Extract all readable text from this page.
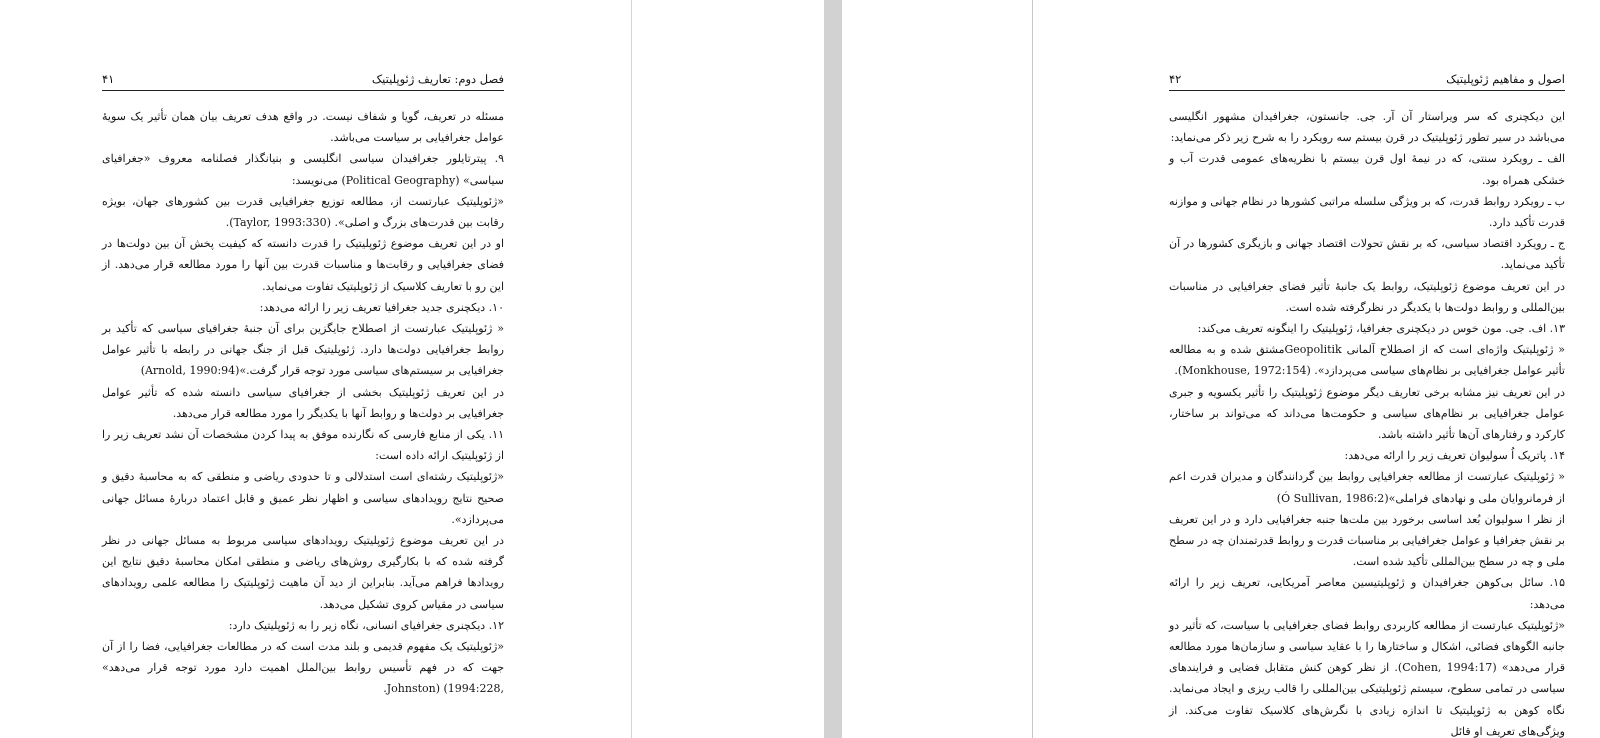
فصل دوم: تعاریف ژئوپلیتیک
۴۱

مسئله در تعریف، گویا و شفاف نیست. در واقع هدف تعریف بیان همان تأثیر یک سویهٔ عوامل جغرافیایی بر سیاست می‌باشد.

۹. پیترتایلور جغرافیدان سیاسی انگلیسی و بنیانگذار فصلنامه معروف «جغرافیای سیاسی» (Political Geography) می‌نویسد:

«ژئوپلیتیک عبارتست از، مطالعه توزیع جغرافیایی قدرت بین کشورهای جهان، بویژه رقابت بین قدرت‌های بزرگ و اصلی». (Taylor, 1993:330).

او در این تعریف موضوع ژئوپلیتیک را قدرت دانسته که کیفیت پخش آن بین دولت‌ها در فضای جغرافیایی و رقابت‌ها و مناسبات قدرت بین آنها را مورد مطالعه قرار می‌دهد. از این رو با تعاریف کلاسیک از ژئوپلیتیک تفاوت می‌نماید.

۱۰. دیکچنری جدید جغرافیا تعریف زیر را ارائه می‌دهد:

« ژئوپلیتیک عبارتست از اصطلاح جایگزین برای آن جنبهٔ جغرافیای سیاسی که تأکید بر روابط جغرافیایی دولت‌ها دارد. ژئوپلیتیک قبل از جنگ جهانی در رابطه با تأثیر عوامل جغرافیایی بر سیستم‌های سیاسی مورد توجه قرار گرفت.»(Arnold, 1990:94)

در این تعریف ژئوپلیتیک بخشی از جغرافیای سیاسی دانسته شده که تأثیر عوامل جغرافیایی بر دولت‌ها و روابط آنها با یکدیگر را مورد مطالعه قرار می‌دهد.

۱۱. یکی از منابع فارسی که نگارنده موفق به پیدا کردن مشخصات آن نشد تعریف زیر را از ژئوپلیتیک ارائه داده است:

«ژئوپلیتیک رشته‌ای است استدلالی و تا حدودی ریاضی و منطقی که به محاسبهٔ دقیق و صحیح نتایج رویدادهای سیاسی و اظهار نظر عمیق و قابل اعتماد دربارهٔ مسائل جهانی می‌پردازد».

در این تعریف موضوع ژئوپلیتیک رویدادهای سیاسی مربوط به مسائل جهانی در نظر گرفته شده که با بکارگیری روش‌های ریاضی و منطقی امکان محاسبهٔ دقیق نتایج این رویدادها فراهم می‌آید. بنابراین از دید آن ماهیت ژئوپلیتیک را مطالعه علمی رویدادهای سیاسی در مقیاس کروی تشکیل می‌دهد.

۱۲. دیکچنری جغرافیای انسانی، نگاه زیر را به ژئوپلیتیک دارد:

«ژئوپلیتیک یک مفهوم قدیمی و بلند مدت است که در مطالعات جغرافیایی، فضا را از آن جهت که در فهم تأسیس روابط بین‌الملل اهمیت دارد مورد توجه قرار می‌دهد» ,Johnston) (1994:228.

اصول و مفاهیم ژئوپلیتیک
۴۲

این دیکچنری که سر ویراستار آن آر. جی. جانستون، جغرافیدان مشهور انگلیسی می‌باشد در سیر تطور ژئوپلیتیک در قرن بیستم سه رویکرد را به شرح زیر ذکر می‌نماید:

الف ـ رویکرد سنتی، که در نیمهٔ اول قرن بیستم با نظریه‌های عمومی قدرت آب و خشکی همراه بود.

ب ـ رویکرد روابط قدرت، که بر ویژگی سلسله مراتبی کشورها در نظام جهانی و موازنه قدرت تأکید دارد.

ج ـ رویکرد اقتصاد سیاسی، که بر نقش تحولات اقتصاد جهانی و بازیگری کشورها در آن تأکید می‌نماید.

در این تعریف موضوع ژئوپلیتیک، روابط یک جانبهٔ تأثیر فضای جغرافیایی در مناسبات بین‌المللی و روابط دولت‌ها با یکدیگر در نظرگرفته شده است.

۱۳. اف. جی. مون خوس در دیکچنری جغرافیا، ژئوپلیتیک را اینگونه تعریف می‌کند:

« ژئوپلیتیک واژه‌ای است که از اصطلاح آلمانی Geopolitikمشتق شده و به مطالعه تأثیر عوامل جغرافیایی بر نظام‌های سیاسی می‌پردازد». (Monkhouse, 1972:154).

در این تعریف نیز مشابه برخی تعاریف دیگر موضوع ژئوپلیتیک را تأثیر یکسویه و جبری عوامل جغرافیایی بر نظام‌های سیاسی و حکومت‌ها می‌داند که می‌تواند بر ساختار، کارکرد و رفتارهای آن‌ها تأثیر داشته باشد.

۱۴. پاتریک اُ سولیوان تعریف زیر را ارائه می‌دهد:

« ژئوپلیتیک عبارتست از مطالعه جغرافیایی روابط بین گردانندگان و مدیران قدرت اعم از فرمانروایان ملی و نهادهای فراملی»(Ó Sullivan, 1986:2)

از نظر ا سولیوان بُعد اساسی برخورد بین ملت‌ها جنبه جغرافیایی دارد و در این تعریف بر نقش جغرافیا و عوامل جغرافیایی بر مناسبات قدرت و روابط قدرتمندان چه در سطح ملی و چه در سطح بین‌المللی تأکید شده است.

۱۵. سائل بی‌کوهن جغرافیدان و ژئوپلیتیسین معاصر آمریکایی، تعریف زیر را ارائه می‌دهد:

«ژئوپلیتیک عبارتست از مطالعه کاربردی روابط فضای جغرافیایی با سیاست، که تأثیر دو جانبه الگوهای فضائی، اشکال و ساختارها را با عقاید سیاسی و سازمان‌ها مورد مطالعه قرار می‌دهد» (Cohen, 1994:17). از نظر کوهن کنش متقابل فضایی و فرایندهای سیاسی در تمامی سطوح، سیستم ژئوپلیتیکی بین‌المللی را قالب ریزی و ایجاد می‌نماید. نگاه کوهن به ژئوپلیتیک تا اندازه زیادی با نگرش‌های کلاسیک تفاوت می‌کند. از ویژگی‌های تعریف او قائل
